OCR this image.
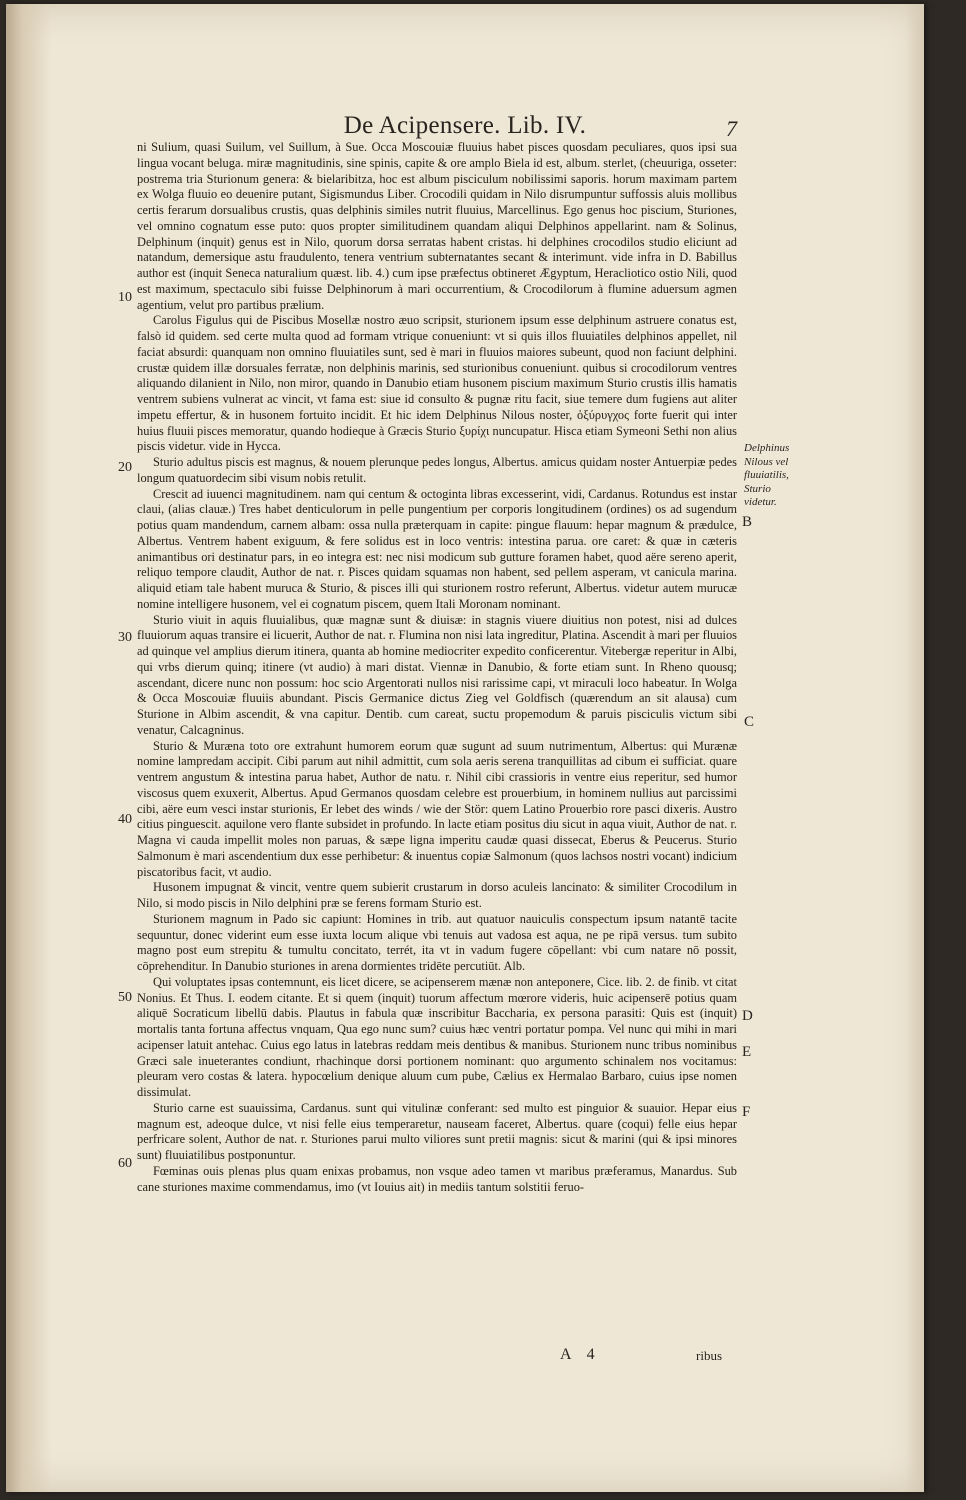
De Acipensere. Lib. IV.	7

ni Sulium, quasi Suilum, vel Suillum, à Sue. Occa Moscouiæ fluuius habet pisces quosdam peculiares, quos ipsi sua lingua vocant beluga. miræ magnitudinis, sine spinis, capite & ore amplo Biela id est, album. sterlet, (cheuuriga, osseter: postrema tria Sturionum genera: & bielaribitza, hoc est album pisciculum nobilissimi saporis. horum maximam partem ex Wolga fluuio eo deuenire putant, Sigismundus Liber. Crocodili quidam in Nilo disrumpuntur suffossis aluis mollibus certis ferarum dorsualibus crustis, quas delphinis similes nutrit fluuius, Marcellinus. Ego genus hoc piscium, Sturiones, vel omnino cognatum esse puto: quos propter similitudinem quandam aliqui Delphinos appellarint. nam & Solinus, Delphinum (inquit) genus est in Nilo, quorum dorsa serratas habent cristas. hi delphines crocodilos studio eliciunt ad natandum, demersique astu fraudulento, tenera ventrium subternatantes secant & interimunt. vide infra in D. Babillus author est (inquit Seneca naturalium quæst. lib. 4.) cum ipse præfectus obtineret Ægyptum, Heracliotico ostio Nili, quod est maximum, spectaculo sibi fuisse Delphinorum à mari occurrentium, & Crocodilorum à flumine aduersum agmen agentium, velut pro partibus prælium.

Carolus Figulus qui de Piscibus Mosellæ nostro æuo scripsit, sturionem ipsum esse delphinum astruere conatus est, falsò id quidem. sed certe multa quod ad formam vtrique conueniunt: vt si quis illos fluuiatiles delphinos appellet, nil faciat absurdi: quanquam non omnino fluuiatiles sunt, sed è mari in fluuios maiores subeunt, quod non faciunt delphini. crustæ quidem illæ dorsuales ferratæ, non delphinis marinis, sed sturionibus conueniunt. quibus si crocodilorum ventres aliquando dilanient in Nilo, non miror, quando in Danubio etiam husonem piscium maximum Sturio crustis illis hamatis ventrem subiens vulnerat ac vincit, vt fama est: siue id consulto & pugnæ ritu facit, siue temere dum fugiens aut aliter impetu effertur, & in husonem fortuito incidit. Et hic idem Delphinus Nilous noster, ὀξύρυγχος forte fuerit qui inter huius fluuii pisces memoratur, quando hodieque à Græcis Sturio ξυρίχι nuncupatur. Hisca etiam Symeoni Sethi non alius piscis videtur. vide in Hycca.

Sturio adultus piscis est magnus, & nouem plerunque pedes longus, Albertus. amicus quidam noster Antuerpiæ pedes longum quatuordecim sibi visum nobis retulit.

Crescit ad iuuenci magnitudinem. nam qui centum & octoginta libras excesserint, vidi, Cardanus. Rotundus est instar claui, (alias clauæ.) Tres habet denticulorum in pelle pungentium per corporis longitudinem (ordines) os ad sugendum potius quam mandendum, carnem albam: ossa nulla præterquam in capite: pingue flauum: hepar magnum & prædulce, Albertus. Ventrem habent exiguum, & fere solidus est in loco ventris: intestina parua. ore caret: & quæ in cæteris animantibus ori destinatur pars, in eo integra est: nec nisi modicum sub gutture foramen habet, quod aëre sereno aperit, reliquo tempore claudit, Author de nat. r. Pisces quidam squamas non habent, sed pellem asperam, vt canicula marina. aliquid etiam tale habent muruca & Sturio, & pisces illi qui sturionem rostro referunt, Albertus. videtur autem murucæ nomine intelligere husonem, vel ei cognatum piscem, quem Itali Moronam nominant.

Sturio viuit in aquis fluuialibus, quæ magnæ sunt & diuisæ: in stagnis viuere diuitius non potest, nisi ad dulces fluuiorum aquas transire ei licuerit, Author de nat. r. Flumina non nisi lata ingreditur, Platina. Ascendit à mari per fluuios ad quinque vel amplius dierum itinera, quanta ab homine mediocriter expedito conficerentur. Vitebergæ reperitur in Albi, qui vrbs dierum quinq; itinere (vt audio) à mari distat. Viennæ in Danubio, & forte etiam sunt. In Rheno quousq; ascendant, dicere nunc non possum: hoc scio Argentorati nullos nisi rarissime capi, vt miraculi loco habeatur. In Wolga & Occa Moscouiæ fluuiis abundant. Piscis Germanice dictus Zieg vel Goldfisch (quærendum an sit alausa) cum Sturione in Albim ascendit, & vna capitur. Dentib. cum careat, suctu propemodum & paruis pisciculis victum sibi venatur, Calcagninus.

Sturio & Murænа toto ore extrahunt humorem eorum quæ sugunt ad suum nutrimentum, Albertus: qui Murænæ nomine lampredam accipit. Cibi parum aut nihil admittit, cum sola aeris serena tranquillitas ad cibum ei sufficiat. quare ventrem angustum & intestina parua habet, Author de natu. r. Nihil cibi crassioris in ventre eius reperitur, sed humor viscosus quem exuxerit, Albertus. Apud Germanos quosdam celebre est prouerbium, in hominem nullius aut parcissimi cibi, aëre eum vesci instar sturionis, Er lebet des winds / wie der Stör: quem Latino Prouerbio rore pasci dixeris. Austro citius pinguescit. aquilone vero flante subsidet in profundo. In lacte etiam positus diu sicut in aqua viuit, Author de nat. r. Magna vi cauda impellit moles non paruas, & sæpe ligna imperitu caudæ quasi dissecat, Eberus & Peucerus. Sturio Salmonum è mari ascendentium dux esse perhibetur: & inuentus copiæ Salmonum (quos lachsos nostri vocant) indicium piscatoribus facit, vt audio.

Husonem impugnat & vincit, ventre quem subierit crustarum in dorso aculeis lancinato: & similiter Crocodilum in Nilo, si modo piscis in Nilo delphini præ se ferens formam Sturio est.

Sturionem magnum in Pado sic capiunt: Homines in trib. aut quatuor nauiculis conspectum ipsum natantē tacite sequuntur, donec viderint eum esse iuxta locum alique vbi tenuis aut vadosa est aqua, ne pe ripā versus. tum subito magno post eum strepitu & tumultu concitato, terrét, ita vt in vadum fugere cōpellant: vbi cum natare nō possit, cōprehenditur. In Danubio sturiones in arena dormientes tridēte percutiūt. Alb.

Qui voluptates ipsas contemnunt, eis licet dicere, se acipenserem mænæ non anteponere, Cice. lib. 2. de finib. vt citat Nonius. Et Thus. I. eodem citante. Et si quem (inquit) tuorum affectum mœrore videris, huic acipenserē potius quam aliquē Socraticum libellū dabis. Plautus in fabula quæ inscribitur Baccharia, ex persona parasiti: Quis est (inquit) mortalis tanta fortuna affectus vnquam, Qua ego nunc sum? cuius hæc ventri portatur pompa. Vel nunc qui mihi in mari acipenser latuit antehac. Cuius ego latus in latebras reddam meis dentibus & manibus. Sturionem nunc tribus nominibus Græci sale inueterantes condiunt, rhachinque dorsi portionem nominant: quo argumento schinalem nos vocitamus: pleuram vero costas & latera. hypocœlium denique aluum cum pube, Cælius ex Hermalao Barbaro, cuius ipse nomen dissimulat.

Sturio carne est suauissima, Cardanus. sunt qui vitulinæ conferant: sed multo est pinguior & suauior. Hepar eius magnum est, adeoque dulce, vt nisi felle eius temperaretur, nauseam faceret, Albertus. quare (coqui) felle eius hepar perfricare solent, Author de nat. r. Sturiones parui multo viliores sunt pretii magnis: sicut & marini (qui & ipsi minores sunt) fluuiatilibus postponuntur.

Fœminas ouis plenas plus quam enixas probamus, non vsque adeo tamen vt maribus præferamus, Manardus. Sub cane sturiones maxime commendamus, imo (vt Iouius ait) in mediis tantum solstitii feruo-

10
20
30
40
50
60
Delphinus Nilous vel fluuiatilis, Sturio videtur.
B
C
D
E
F
A 4	ribus
